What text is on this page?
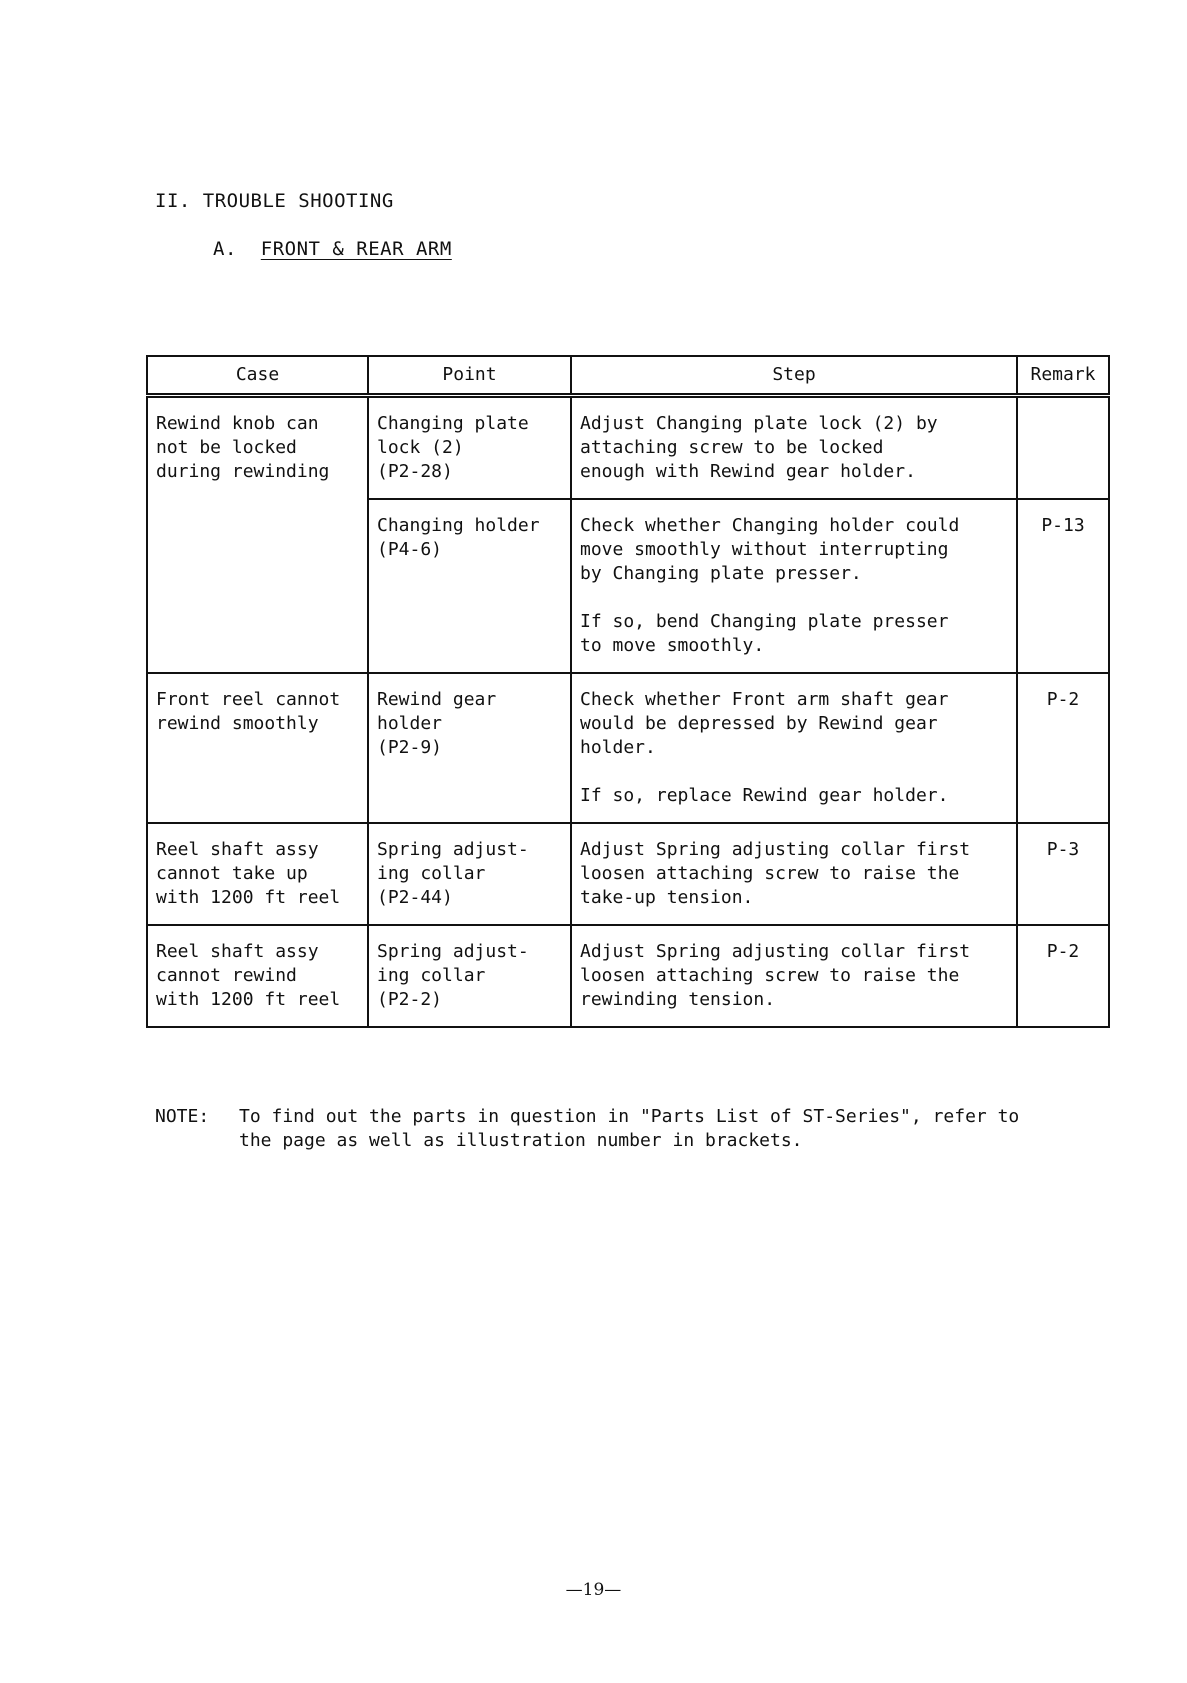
II. TROUBLE SHOOTING
A. FRONT & REAR ARM
Case	Point	Step	Remark
Rewind knob can
not be locked
during rewinding	Changing plate
lock (2)
(P2-28)	Adjust Changing plate lock (2) by
attaching screw to be locked
enough with Rewind gear holder.	
	Changing holder
(P4-6)	Check whether Changing holder could
move smoothly without interrupting
by Changing plate presser.

If so, bend Changing plate presser
to move smoothly.	P-13
Front reel cannot
rewind smoothly	Rewind gear
holder
(P2-9)	Check whether Front arm shaft gear
would be depressed by Rewind gear
holder.

If so, replace Rewind gear holder.	P-2
Reel shaft assy
cannot take up
with 1200 ft reel	Spring adjust-
ing collar
(P2-44)	Adjust Spring adjusting collar first
loosen attaching screw to raise the
take-up tension.	P-3
Reel shaft assy
cannot rewind
with 1200 ft reel	Spring adjust-
ing collar
(P2-2)	Adjust Spring adjusting collar first
loosen attaching screw to raise the
rewinding tension.	P-2
NOTE: To find out the parts in question in "Parts List of ST-Series", refer to
the page as well as illustration number in brackets.
—19—
